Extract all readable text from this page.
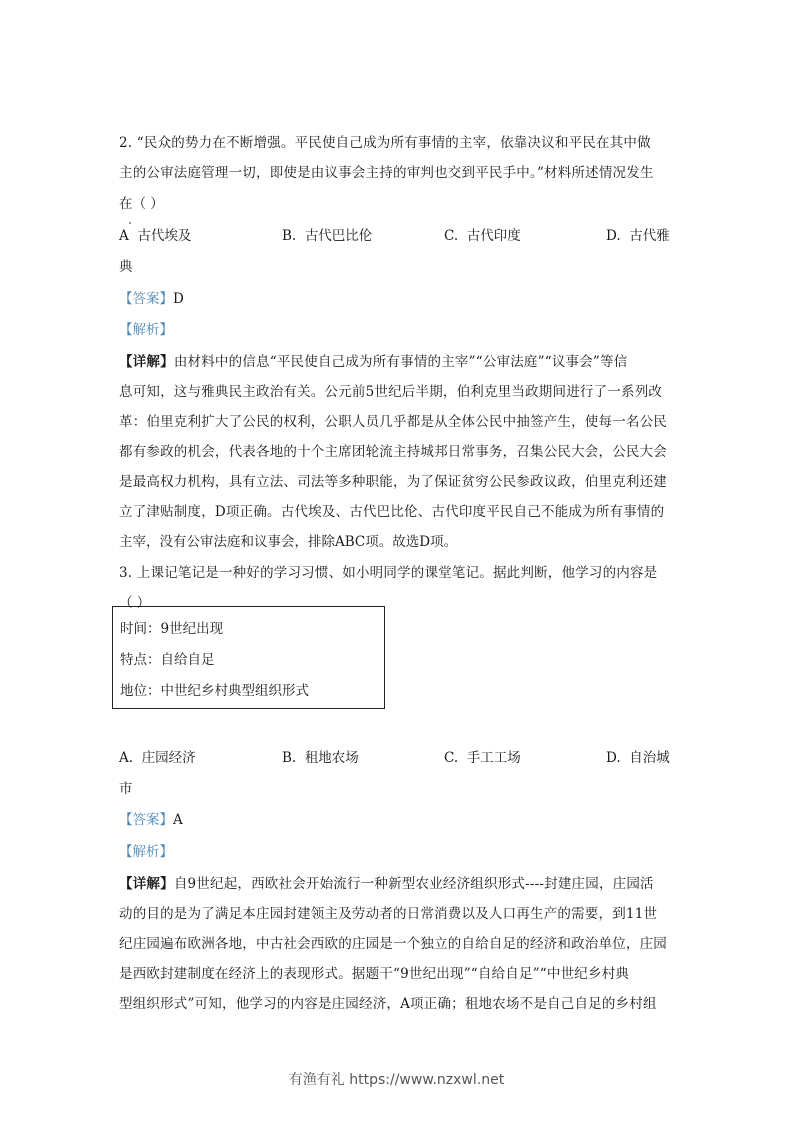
2. “民众的势力在不断增强。平民使自己成为所有事情的主宰，依靠决议和平民在其中做
主的公审法庭管理一切，即使是由议事会主持的审判也交到平民手中。”材料所述情况发生
在（ ）
A 古代埃及	B. 古代巴比伦	C. 古代印度	D. 古代雅
典
【答案】D
【解析】
【详解】由材料中的信息“平民使自己成为所有事情的主宰”“公审法庭”“议事会”等信
息可知，这与雅典民主政治有关。公元前5世纪后半期，伯利克里当政期间进行了一系列改
革：伯里克利扩大了公民的权利，公职人员几乎都是从全体公民中抽签产生，使每一名公民
都有参政的机会，代表各地的十个主席团轮流主持城邦日常事务，召集公民大会，公民大会
是最高权力机构，具有立法、司法等多种职能，为了保证贫穷公民参政议政，伯里克利还建
立了津贴制度，D项正确。古代埃及、古代巴比伦、古代印度平民自己不能成为所有事情的
主宰，没有公审法庭和议事会，排除ABC项。故选D项。
3. 上课记笔记是一种好的学习习惯、如小明同学的课堂笔记。据此判断，他学习的内容是
（ ）
时间：9世纪出现
特点：自给自足
地位：中世纪乡村典型组织形式
A. 庄园经济	B. 租地农场	C. 手工工场	D. 自治城
市
【答案】A
【解析】
【详解】自9世纪起，西欧社会开始流行一种新型农业经济组织形式----封建庄园，庄园活
动的目的是为了满足本庄园封建领主及劳动者的日常消费以及人口再生产的需要，到11世
纪庄园遍布欧洲各地，中古社会西欧的庄园是一个独立的自给自足的经济和政治单位，庄园
是西欧封建制度在经济上的表现形式。据题干“9世纪出现”“自给自足”“中世纪乡村典
型组织形式”可知，他学习的内容是庄园经济，A项正确；租地农场不是自己自足的乡村组
有渔有礼 https://www.nzxwl.net
